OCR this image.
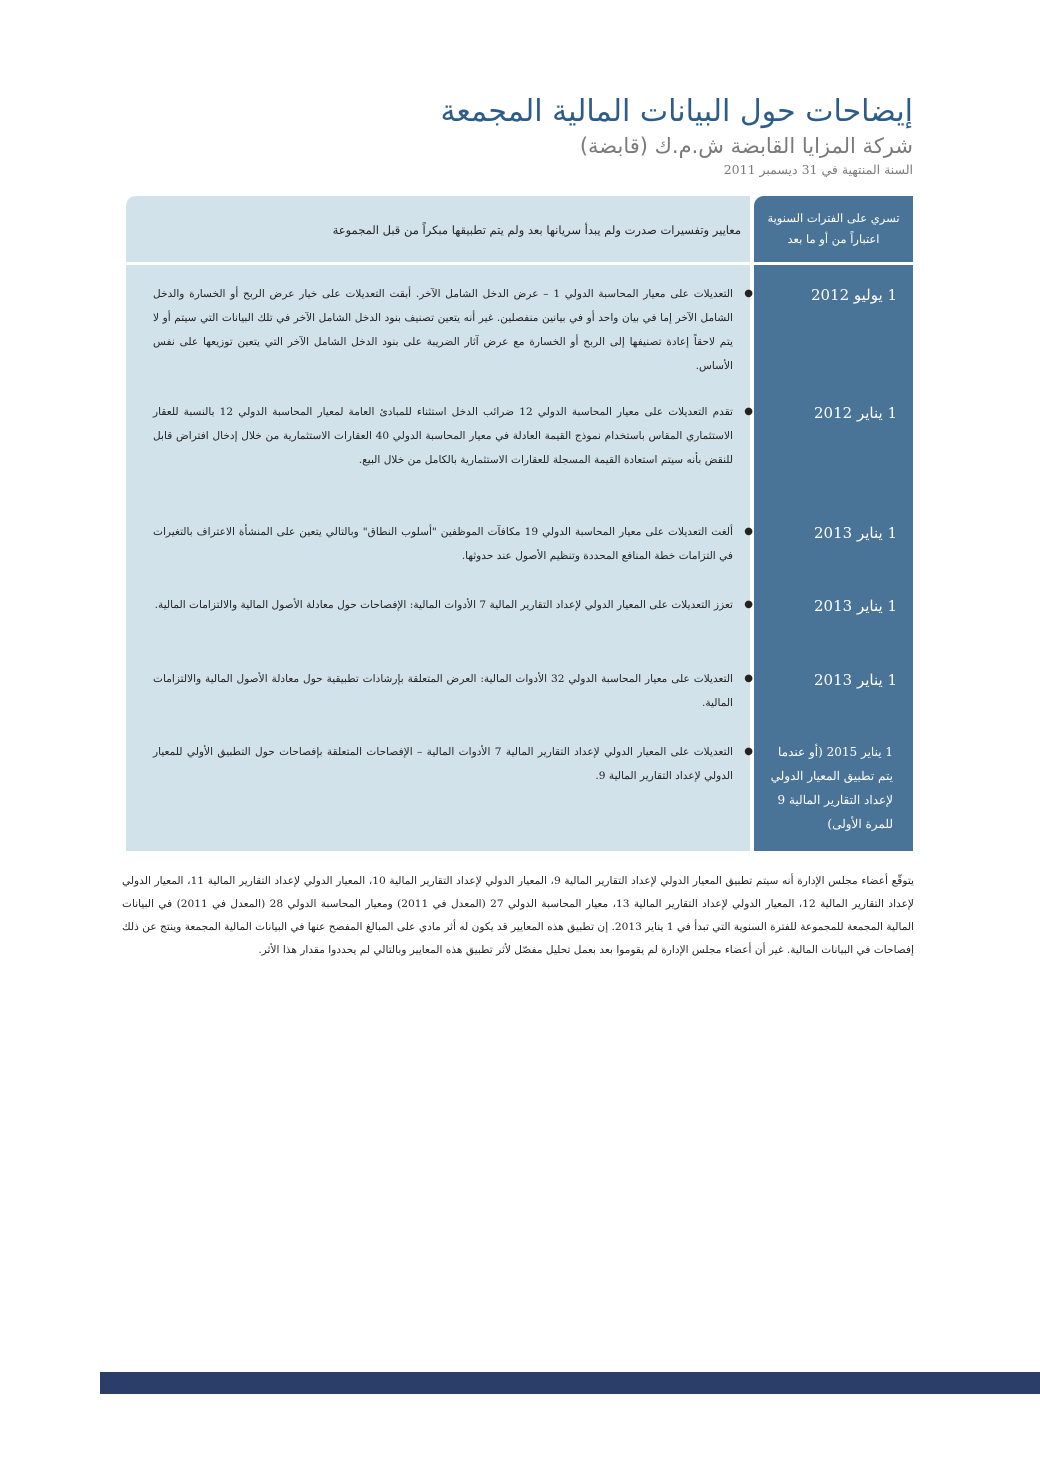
إيضاحات حول البيانات المالية المجمعة

شركة المزايا القابضة ش.م.ك (قابضة)

السنة المنتهية في 31 ديسمبر 2011

تسري على الفترات السنوية اعتباراً من أو ما بعد
معايير وتفسيرات صدرت ولم يبدأ سريانها بعد ولم يتم تطبيقها مبكراً من قبل المجموعة
1 يوليو 2012
●
التعديلات على معيار المحاسبة الدولي 1 – عرض الدخل الشامل الآخر. أبقت التعديلات على خيار عرض الربح أو الخسارة والدخل الشامل الآخر إما في بيان واحد أو في بيانين منفصلين. غير أنه يتعين تصنيف بنود الدخل الشامل الآخر في تلك البيانات التي سيتم أو لا يتم لاحقاً إعادة تصنيفها إلى الربح أو الخسارة مع عرض آثار الضريبة على بنود الدخل الشامل الآخر التي يتعين توزيعها على نفس الأساس.
1 يناير 2012
●
تقدم التعديلات على معيار المحاسبة الدولي 12 ضرائب الدخل استثناء للمبادئ العامة لمعيار المحاسبة الدولي 12 بالنسبة للعقار الاستثماري المقاس باستخدام نموذج القيمة العادلة في معيار المحاسبة الدولي 40 العقارات الاستثمارية من خلال إدخال افتراض قابل للنقض بأنه سيتم استعادة القيمة المسجلة للعقارات الاستثمارية بالكامل من خلال البيع.
1 يناير 2013
●
ألغت التعديلات على معيار المحاسبة الدولي 19 مكافآت الموظفين "أسلوب النطاق" وبالتالي يتعين على المنشأة الاعتراف بالتغيرات في التزامات خطة المنافع المحددة وتنظيم الأصول عند حدوثها.
1 يناير 2013
●
تعزز التعديلات على المعيار الدولي لإعداد التقارير المالية 7 الأدوات المالية: الإفصاحات حول معادلة الأصول المالية والالتزامات المالية.
1 يناير 2013
●
التعديلات على معيار المحاسبة الدولي 32 الأدوات المالية: العرض المتعلقة بإرشادات تطبيقية حول معادلة الأصول المالية والالتزامات المالية.
1 يناير 2015 (أو عندما يتم تطبيق المعيار الدولي لإعداد التقارير المالية 9 للمرة الأولى)
●
التعديلات على المعيار الدولي لإعداد التقارير المالية 7 الأدوات المالية – الإفصاحات المتعلقة بإفصاحات حول التطبيق الأولي للمعيار الدولي لإعداد التقارير المالية 9.

يتوقّع أعضاء مجلس الإدارة أنه سيتم تطبيق المعيار الدولي لإعداد التقارير المالية 9، المعيار الدولي لإعداد التقارير المالية 10، المعيار الدولي لإعداد التقارير المالية 11، المعيار الدولي لإعداد التقارير المالية 12، المعيار الدولي لإعداد التقارير المالية 13، معيار المحاسبة الدولي 27 (المعدل في 2011) ومعيار المحاسبة الدولي 28 (المعدل في 2011) في البيانات المالية المجمعة للمجموعة للفترة السنوية التي تبدأ في 1 يناير 2013. إن تطبيق هذه المعايير قد يكون له أثر مادي على المبالغ المفصح عنها في البيانات المالية المجمعة وينتج عن ذلك إفصاحات في البيانات المالية. غير أن أعضاء مجلس الإدارة لم يقوموا بعد بعمل تحليل مفصّل لأثر تطبيق هذه المعايير وبالتالي لم يحددوا مقدار هذا الأثر.
